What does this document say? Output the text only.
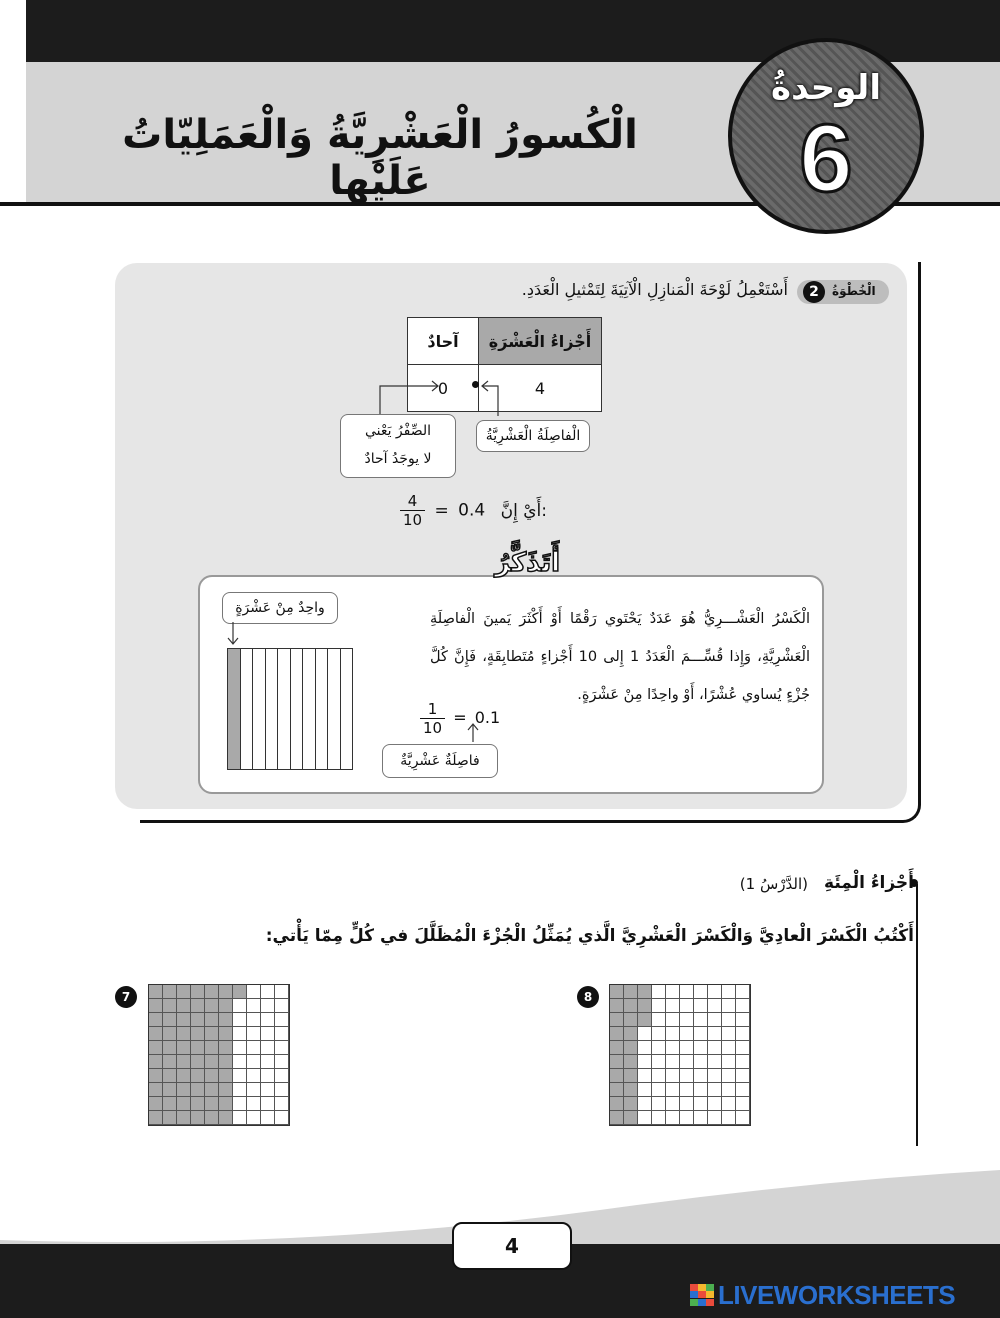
الْكُسورُ الْعَشْرِيَّةُ وَالْعَمَلِيّاتُ عَلَيْها
الوحدةُ
6
الْخُطْوَةُ
2
أَسْتَعْمِلُ لَوْحَةَ الْمَنازِلِ الْآتِيَةَ لِتَمْثيلِ الْعَدَدِ.
آحادٌ	أَجْزاءُ الْعَشْرَةِ
0	4
الصِّفْرُ يَعْني
لا يوجَدُ آحادٌ
الْفاصِلَةُ الْعَشْرِيَّةُ
$\frac{4}{10} = 0.4$ أَيْ إِنَّ:
أَتَذَكَّرُ
الْكَسْرُ الْعَشْـــرِيُّ هُوَ عَدَدٌ يَحْتَوي رَقْمًا أَوْ أَكْثَرَ يَمينَ الْفاصِلَةِ الْعَشْرِيَّةِ، وَإِذا قُسِّـــمَ الْعَدَدُ 1 إِلى 10 أَجْزاءٍ مُتَطابِقَةٍ، فَإِنَّ كُلَّ جُزْءٍ يُساوي عُشْرًا، أَوْ واحِدًا مِنْ عَشْرَةٍ.
واحِدٌ مِنْ عَشْرَةٍ
$\frac{1}{10} = 0.1$
فاصِلَةٌ عَشْرِيَّةٌ
أَجْزاءُ الْمِئَةِ
(الدَّرْسُ 1)
أَكْتُبُ الْكَسْرَ الْعادِيَّ وَالْكَسْرَ الْعَشْرِيَّ الَّذي يُمَثِّلُ الْجُزْءَ الْمُظَلَّلَ في كُلٍّ مِمّا يَأْتي:
7	8
4
LIVEWORKSHEETS
